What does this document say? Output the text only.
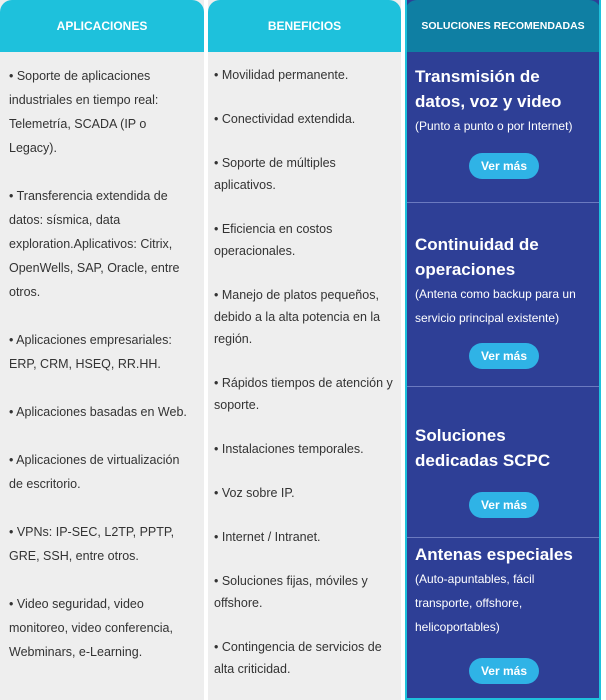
APLICACIONES
• Soporte de aplicaciones industriales en tiempo real: Telemetría, SCADA (IP o Legacy).
• Transferencia extendida de datos: sísmica, data exploration.Aplicativos: Citrix, OpenWells, SAP, Oracle, entre otros.
• Aplicaciones empresariales: ERP, CRM, HSEQ, RR.HH.
• Aplicaciones basadas en Web.
• Aplicaciones de virtualización de escritorio.
• VPNs: IP-SEC, L2TP, PPTP, GRE, SSH, entre otros.
• Video seguridad, video monitoreo, video conferencia, Webminars, e-Learning.
BENEFICIOS
• Movilidad permanente.
• Conectividad extendida.
• Soporte de múltiples aplicativos.
• Eficiencia en costos operacionales.
• Manejo de platos pequeños, debido a la alta potencia en la región.
• Rápidos tiempos de atención y soporte.
• Instalaciones temporales.
• Voz sobre IP.
• Internet / Intranet.
• Soluciones fijas, móviles y offshore.
• Contingencia de servicios de alta criticidad.
SOLUCIONES RECOMENDADAS

Transmisión de datos, voz y video

(Punto a punto o por Internet)

Ver más

Continuidad de operaciones

(Antena como backup para un servicio principal existente)

Ver más

Soluciones dedicadas SCPC

Ver más

Antenas especiales

(Auto-apuntables, fácil transporte, offshore, helicoportables)

Ver más
